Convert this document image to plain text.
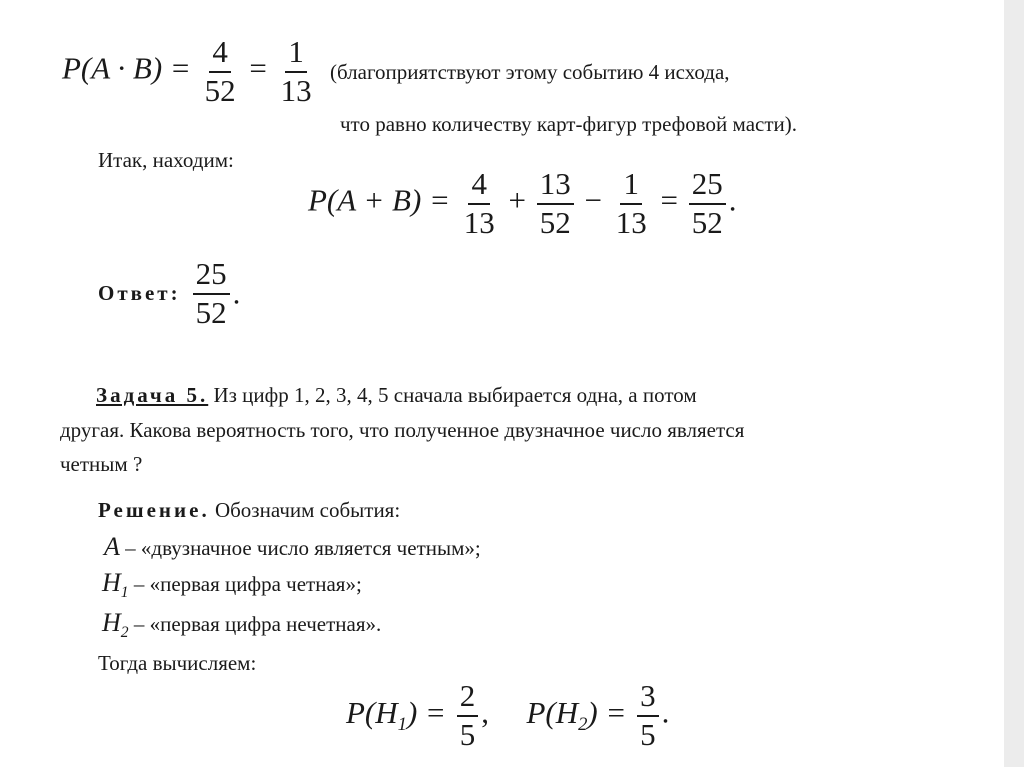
$P(A \cdot B) = \frac{4}{52} = \frac{1}{13}$ (благоприятствуют этому событию 4 исхода,
что равно количеству карт-фигур трефовой масти).
Итак, находим:
$P(A + B) = \frac{4}{13} + \frac{13}{52} - \frac{1}{13} = \frac{25}{52}$ .
Ответ: $\frac{25}{52}$ .
Задача 5. Из цифр 1, 2, 3, 4, 5 сначала выбирается одна, а потом
другая. Какова вероятность того, что полученное двузначное число является
четным ?
Решение. Обозначим события:
A – «двузначное число является четным»;
$H_1$ – «первая цифра четная»;
$H_2$ – «первая цифра нечетная».
Тогда вычисляем:
$P(H_1) = \frac{2}{5}$ , $P(H_2) = \frac{3}{5}$ .
